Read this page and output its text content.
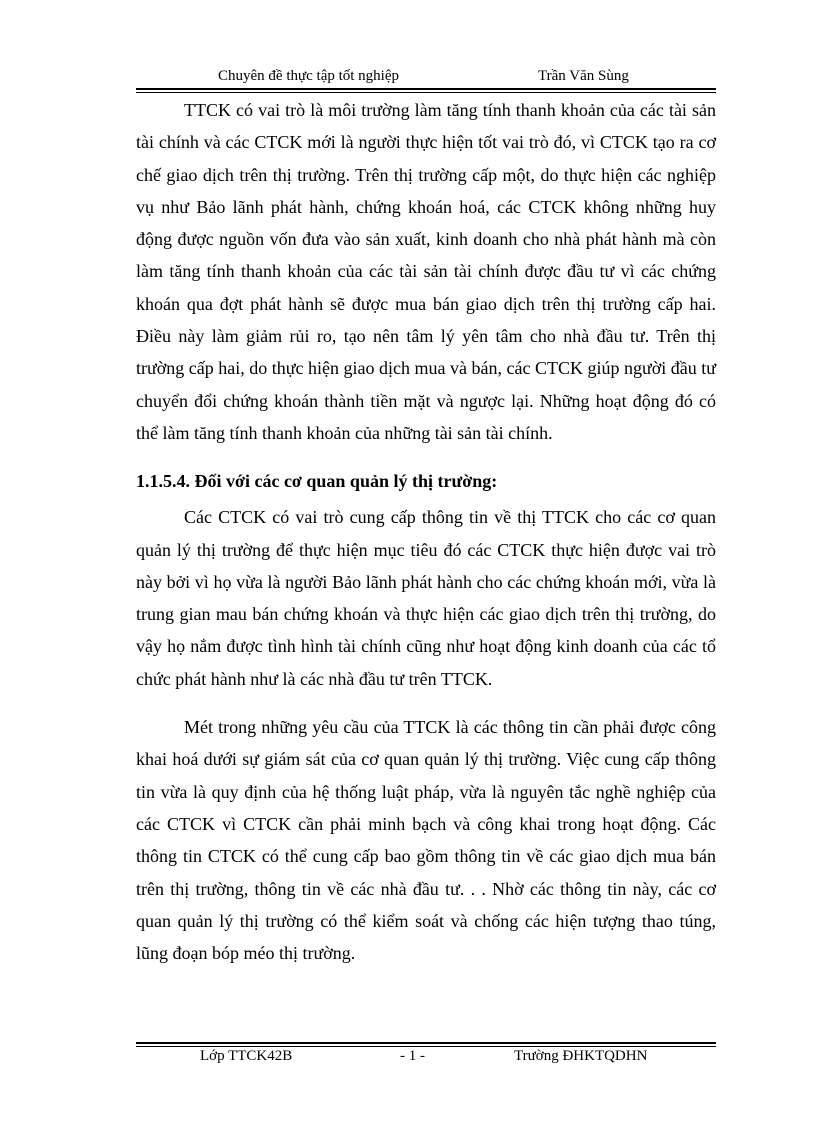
Chuyên đề thực tập tốt nghiệp	Trần Văn Sùng

TTCK có vai trò là môi trường làm tăng tính thanh khoản của các tài sản tài chính và các CTCK mới là người thực hiện tốt vai trò đó, vì CTCK tạo ra cơ chế giao dịch trên thị trường. Trên thị trường cấp một, do thực hiện các nghiệp vụ như Bảo lãnh phát hành, chứng khoán hoá, các CTCK không những huy động được nguồn vốn đưa vào sản xuất, kinh doanh cho nhà phát hành mà còn làm tăng tính thanh khoản của các tài sản tài chính được đầu tư vì các chứng khoán qua đợt phát hành sẽ được mua bán giao dịch trên thị trường cấp hai. Điều này làm giảm rủi ro, tạo nên tâm lý yên tâm cho nhà đầu tư. Trên thị trường cấp hai, do thực hiện giao dịch mua và bán, các CTCK giúp người đầu tư chuyển đổi chứng khoán thành tiền mặt và ngược lại. Những hoạt động đó có thể làm tăng tính thanh khoản của những tài sản tài chính.

1.1.5.4. Đối với các cơ quan quản lý thị trường:

Các CTCK có vai trò cung cấp thông tin về thị TTCK cho các cơ quan quản lý thị trường để thực hiện mục tiêu đó các CTCK thực hiện được vai trò này bởi vì họ vừa là người Bảo lãnh phát hành cho các chứng khoán mới, vừa là trung gian mau bán chứng khoán và thực hiện các giao dịch trên thị trường, do vậy họ nắm được tình hình tài chính cũng như hoạt động kinh doanh của các tổ chức phát hành như là các nhà đầu tư trên TTCK.

Mét trong những yêu cầu của TTCK là các thông tin cần phải được công khai hoá dưới sự giám sát của cơ quan quản lý thị trường. Việc cung cấp thông tin vừa là quy định của hệ thống luật pháp, vừa là nguyên tắc nghề nghiệp của các CTCK vì CTCK cần phải minh bạch và công khai trong hoạt động. Các thông tin CTCK có thể cung cấp bao gồm thông tin về các giao dịch mua bán trên thị trường, thông tin về các nhà đầu tư. . . Nhờ các thông tin này, các cơ quan quản lý thị trường có thể kiểm soát và chống các hiện tượng thao túng, lũng đoạn bóp méo thị trường.

Lớp TTCK42B	- 1 -	Trường ĐHKTQDHN
